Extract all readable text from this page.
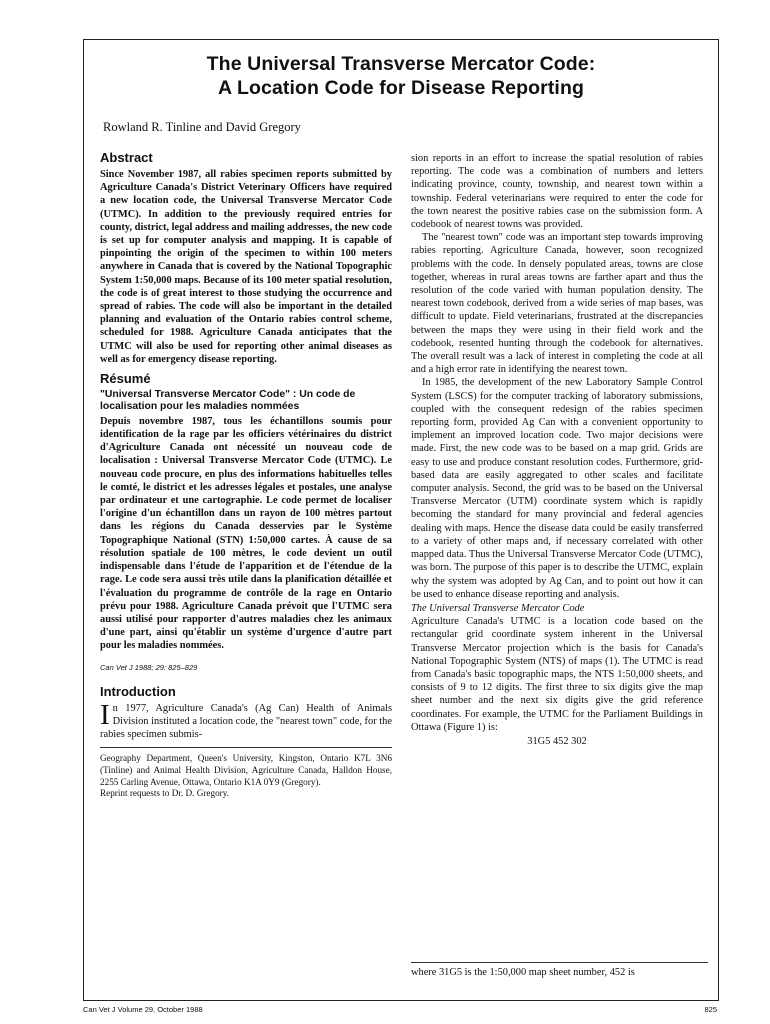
The Universal Transverse Mercator Code:
A Location Code for Disease Reporting
Rowland R. Tinline and David Gregory
Abstract

Since November 1987, all rabies specimen reports submitted by Agriculture Canada's District Veterinary Officers have required a new location code, the Universal Transverse Mercator Code (UTMC). In addition to the previously required entries for county, district, legal address and mailing addresses, the new code is set up for computer analysis and mapping. It is capable of pinpointing the origin of the specimen to within 100 meters anywhere in Canada that is covered by the National Topographic System 1:50,000 maps. Because of its 100 meter spatial resolution, the code is of great interest to those studying the occurrence and spread of rabies. The code will also be important in the detailed planning and evaluation of the Ontario rabies control scheme, scheduled for 1988. Agriculture Canada anticipates that the UTMC will also be used for reporting other animal diseases as well as for emergency disease reporting.

Résumé
"Universal Transverse Mercator Code" : Un code de localisation pour les maladies nommées

Depuis novembre 1987, tous les échantillons soumis pour identification de la rage par les officiers vétérinaires du district d'Agriculture Canada ont nécessité un nouveau code de localisation : Universal Transverse Mercator Code (UTMC). Le nouveau code procure, en plus des informations habituelles telles le comté, le district et les adresses légales et postales, une analyse par ordinateur et une cartographie. Le code permet de localiser l'origine d'un échantillon dans un rayon de 100 mètres partout dans les régions du Canada desservies par le Système Topographique National (STN) 1:50,000 cartes. À cause de sa résolution spatiale de 100 mètres, le code devient un outil indispensable dans l'étude de l'apparition et de l'étendue de la rage. Le code sera aussi très utile dans la planification détaillée et l'évaluation du programme de contrôle de la rage en Ontario prévu pour 1988. Agriculture Canada prévoit que l'UTMC sera aussi utilisé pour rapporter d'autres maladies chez les animaux d'une part, ainsi qu'établir un système d'urgence d'autre part pour les maladies nommées.

Can Vet J 1988; 29: 825–829
Introduction

In 1977, Agriculture Canada's (Ag Can) Health of Animals Division instituted a location code, the "nearest town" code, for the rabies specimen submis-

Geography Department, Queen's University, Kingston, Ontario K7L 3N6 (Tinline) and Animal Health Division, Agriculture Canada, Halldon House, 2255 Carling Avenue, Ottawa, Ontario K1A 0Y9 (Gregory).

Reprint requests to Dr. D. Gregory.

sion reports in an effort to increase the spatial resolution of rabies reporting. The code was a combination of numbers and letters indicating province, county, township, and nearest town within a township. Federal veterinarians were required to enter the code for the town nearest the positive rabies case on the submission form. A codebook of nearest towns was provided.

The "nearest town" code was an important step towards improving rabies reporting. Agriculture Canada, however, soon recognized problems with the code. In densely populated areas, towns are close together, whereas in rural areas towns are farther apart and thus the resolution of the code varied with human population density. The nearest town codebook, derived from a wide series of map bases, was difficult to update. Field veterinarians, frustrated at the discrepancies between the maps they were using in their field work and the codebook, resented hunting through the codebook for alternatives. The overall result was a lack of interest in completing the code at all and a high error rate in identifying the nearest town.

In 1985, the development of the new Laboratory Sample Control System (LSCS) for the computer tracking of laboratory submissions, coupled with the consequent redesign of the rabies specimen reporting form, provided Ag Can with a convenient opportunity to implement an improved location code. Two major decisions were made. First, the new code was to be based on a map grid. Grids are easy to use and produce constant resolution codes. Furthermore, grid-based data are easily aggregated to other scales and facilitate computer analysis. Second, the grid was to be based on the Universal Transverse Mercator (UTM) coordinate system which is rapidly becoming the standard for many provincial and federal agencies dealing with maps. Hence the disease data could be easily transferred to a variety of other maps and, if necessary correlated with other mapped data. Thus the Universal Transverse Mercator Code (UTMC), was born. The purpose of this paper is to describe the UTMC, explain why the system was adopted by Ag Can, and to point out how it can be used to enhance disease reporting and analysis.

The Universal Transverse Mercator Code

Agriculture Canada's UTMC is a location code based on the rectangular grid coordinate system inherent in the Universal Transverse Mercator projection which is the basis for Canada's National Topographic System (NTS) of maps (1). The UTMC is read from Canada's basic topographic maps, the NTS 1:50,000 sheets, and consists of 9 to 12 digits. The first three to six digits give the map sheet number and the next six digits give the grid reference coordinates. For example, the UTMC for the Parliament Buildings in Ottawa (Figure 1) is:

31G5 452 302

where 31G5 is the 1:50,000 map sheet number, 452 is

Can Vet J Volume 29, October 1988	825
